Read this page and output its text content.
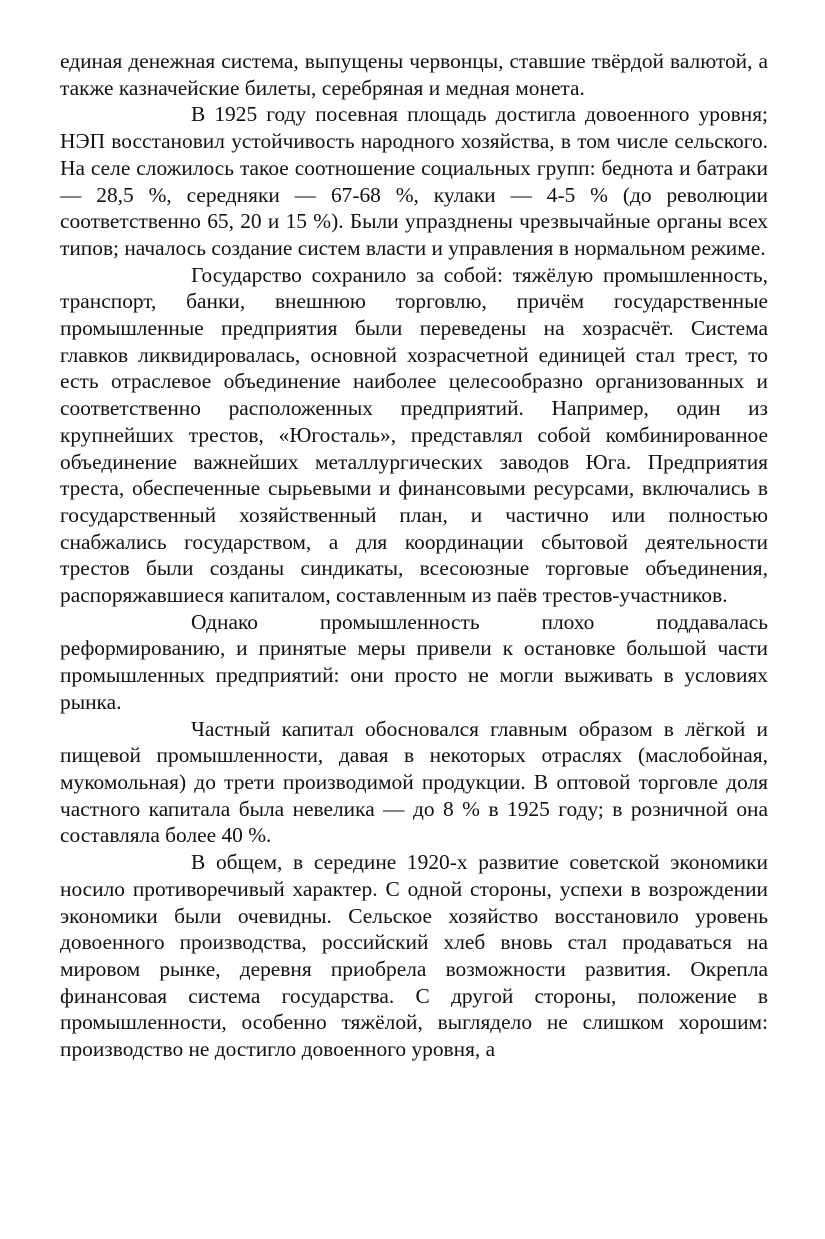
единая денежная система, выпущены червонцы, ставшие твёрдой валютой, а также казначейские билеты, серебряная и медная монета.

В 1925 году посевная площадь достигла довоенного уровня; НЭП восстановил устойчивость народного хозяйства, в том числе сельского. На селе сложилось такое соотношение социальных групп: беднота и батраки — 28,5 %, середняки — 67-68 %, кулаки — 4-5 % (до революции соответственно 65, 20 и 15 %). Были упразднены чрезвычайные органы всех типов; началось создание систем власти и управления в нормальном режиме.

Государство сохранило за собой: тяжёлую промышленность, транспорт, банки, внешнюю торговлю, причём государственные промышленные предприятия были переведены на хозрасчёт. Система главков ликвидировалась, основной хозрасчетной единицей стал трест, то есть отраслевое объединение наиболее целесообразно организованных и соответственно расположенных предприятий. Например, один из крупнейших трестов, «Югосталь», представлял собой комбинированное объединение важнейших металлургических заводов Юга. Предприятия треста, обеспеченные сырьевыми и финансовыми ресурсами, включались в государственный хозяйственный план, и частично или полностью снабжались государством, а для координации сбытовой деятельности трестов были созданы синдикаты, всесоюзные торговые объединения, распоряжавшиеся капиталом, составленным из паёв трестов-участников.

Однако промышленность плохо поддавалась реформированию, и принятые меры привели к остановке большой части промышленных предприятий: они просто не могли выживать в условиях рынка.

Частный капитал обосновался главным образом в лёгкой и пищевой промышленности, давая в некоторых отраслях (маслобойная, мукомольная) до трети производимой продукции. В оптовой торговле доля частного капитала была невелика — до 8 % в 1925 году; в розничной она составляла более 40 %.

В общем, в середине 1920-х развитие советской экономики носило противоречивый характер. С одной стороны, успехи в возрождении экономики были очевидны. Сельское хозяйство восстановило уровень довоенного производства, российский хлеб вновь стал продаваться на мировом рынке, деревня приобрела возможности развития. Окрепла финансовая система государства. С другой стороны, положение в промышленности, особенно тяжёлой, выглядело не слишком хорошим: производство не достигло довоенного уровня, а
